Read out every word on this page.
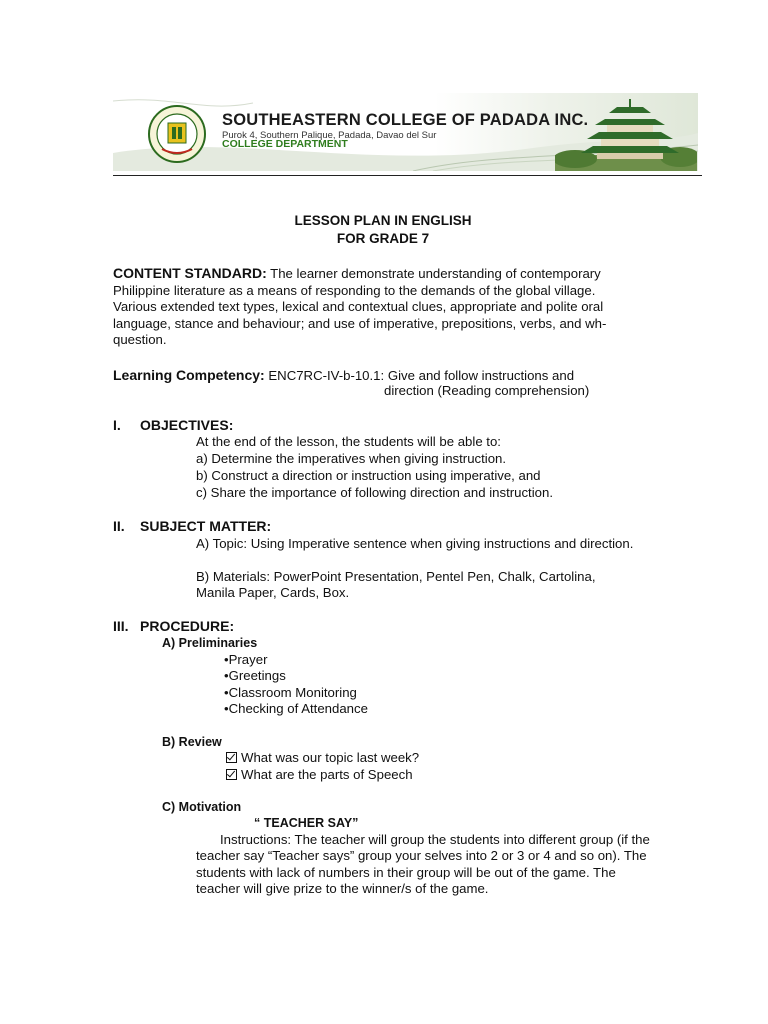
SOUTHEASTERN COLLEGE OF PADADA INC.
Purok 4, Southern Palique, Padada, Davao del Sur
COLLEGE DEPARTMENT
LESSON PLAN IN ENGLISH
FOR GRADE 7
CONTENT STANDARD: The learner demonstrate understanding of contemporary Philippine literature as a means of responding to the demands of the global village. Various extended text types, lexical and contextual clues, appropriate and polite oral language, stance and behaviour; and use of imperative, prepositions, verbs, and wh-question.
Learning Competency: ENC7RC-IV-b-10.1: Give and follow instructions and
direction (Reading comprehension)
I. OBJECTIVES:
At the end of the lesson, the students will be able to:
a) Determine the imperatives when giving instruction.
b) Construct a direction or instruction using imperative, and
c) Share the importance of following direction and instruction.
II. SUBJECT MATTER:
A) Topic: Using Imperative sentence when giving instructions and direction.
B) Materials: PowerPoint Presentation, Pentel Pen, Chalk, Cartolina,
Manila Paper, Cards, Box.
III. PROCEDURE:
A) Preliminaries
•Prayer
•Greetings
•Classroom Monitoring
•Checking of Attendance
B) Review
What was our topic last week?
What are the parts of Speech
C) Motivation
“ TEACHER SAY”
Instructions: The teacher will group the students into different group (if the teacher say “Teacher says” group your selves into 2 or 3 or 4 and so on). The students with lack of numbers in their group will be out of the game. The teacher will give prize to the winner/s of the game.
